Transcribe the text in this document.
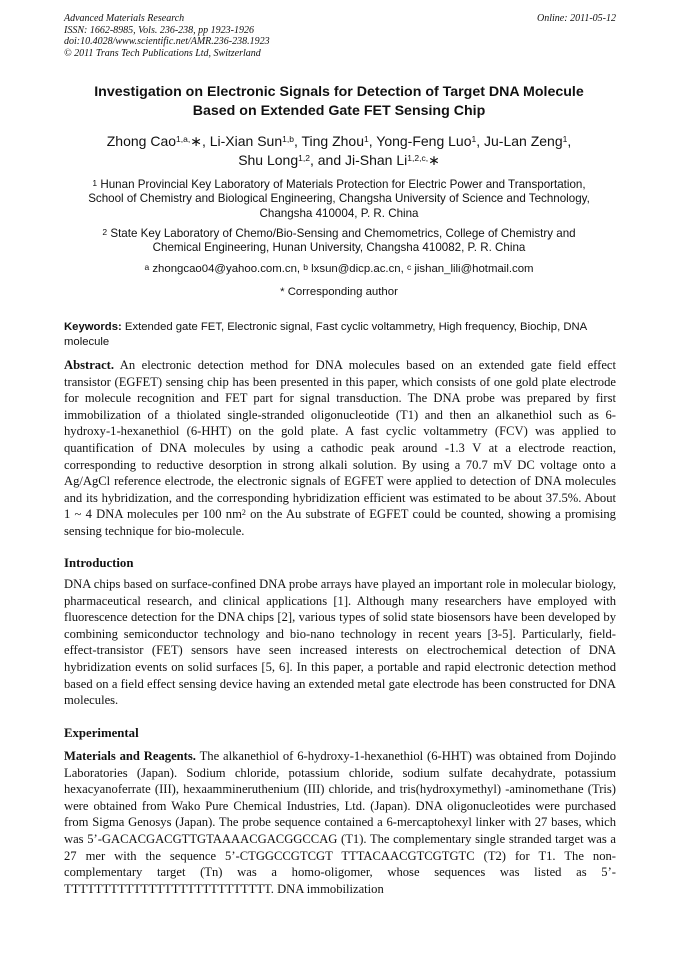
Advanced Materials Research
ISSN: 1662-8985, Vols. 236-238, pp 1923-1926
doi:10.4028/www.scientific.net/AMR.236-238.1923
© 2011 Trans Tech Publications Ltd, Switzerland
Online: 2011-05-12
Investigation on Electronic Signals for Detection of Target DNA Molecule
Based on Extended Gate FET Sensing Chip
Zhong Cao$^{1,a,}$∗, Li-Xian Sun$^{1,b}$, Ting Zhou$^1$, Yong-Feng Luo$^1$, Ju-Lan Zeng$^1$,
Shu Long$^{1,2}$, and Ji-Shan $Li^{1,2,c,}∗$
$^1$ Hunan Provincial Key Laboratory of Materials Protection for Electric Power and Transportation,
School of Chemistry and Biological Engineering, Changsha University of Science and Technology,
Changsha 410004, P. R. China
$^2$ State Key Laboratory of Chemo/Bio-Sensing and Chemometrics, College of Chemistry and
Chemical Engineering, Hunan University, Changsha 410082, P. R. China
$^a$ zhongcao04@yahoo.com.cn, $^b$ lxsun@dicp.ac.cn, $^c$ jishan_lili@hotmail.com
* Corresponding author
Keywords: Extended gate FET, Electronic signal, Fast cyclic voltammetry, High frequency, Biochip, DNA molecule
Abstract. An electronic detection method for DNA molecules based on an extended gate field effect transistor (EGFET) sensing chip has been presented in this paper, which consists of one gold plate electrode for molecule recognition and FET part for signal transduction. The DNA probe was prepared by first immobilization of a thiolated single-stranded oligonucleotide (T1) and then an alkanethiol such as 6-hydroxy-1-hexanethiol (6-HHT) on the gold plate. A fast cyclic voltammetry (FCV) was applied to quantification of DNA molecules by using a cathodic peak around -1.3 V at a electrode reaction, corresponding to reductive desorption in strong alkali solution. By using a 70.7 mV DC voltage onto a Ag/AgCl reference electrode, the electronic signals of EGFET were applied to detection of DNA molecules and its hybridization, and the corresponding hybridization efficient was estimated to be about 37.5%. About 1 ~ 4 DNA molecules per 100 $nm^2$ on the Au substrate of EGFET could be counted, showing a promising sensing technique for bio-molecule.
Introduction
DNA chips based on surface-confined DNA probe arrays have played an important role in molecular biology, pharmaceutical research, and clinical applications [1]. Although many researchers have employed with fluorescence detection for the DNA chips [2], various types of solid state biosensors have been developed by combining semiconductor technology and bio-nano technology in recent years [3-5]. Particularly, field-effect-transistor (FET) sensors have seen increased interests on electrochemical detection of DNA hybridization events on solid surfaces [5, 6]. In this paper, a portable and rapid electronic detection method based on a field effect sensing device having an extended metal gate electrode has been constructed for DNA molecules.
Experimental
Materials and Reagents. The alkanethiol of 6-hydroxy-1-hexanethiol (6-HHT) was obtained from Dojindo Laboratories (Japan). Sodium chloride, potassium chloride, sodium sulfate decahydrate, potassium hexacyanoferrate (III), hexaammineruthenium (III) chloride, and tris(hydroxymethyl) -aminomethane (Tris) were obtained from Wako Pure Chemical Industries, Ltd. (Japan). DNA oligonucleotides were purchased from Sigma Genosys (Japan). The probe sequence contained a 6-mercaptohexyl linker with 27 bases, which was 5’-GACACGACGTTGTAAAACGACGGCCAG (T1). The complementary single stranded target was a 27 mer with the sequence 5’-CTGGCCGTCGT TTTACAACGTCGTGTC (T2) for T1. The non-complementary target (Tn) was a homo-oligomer, whose sequences was listed as 5’-TTTTTTTTTTTTTTTTTTTTTTTTTTT. DNA immobilization
